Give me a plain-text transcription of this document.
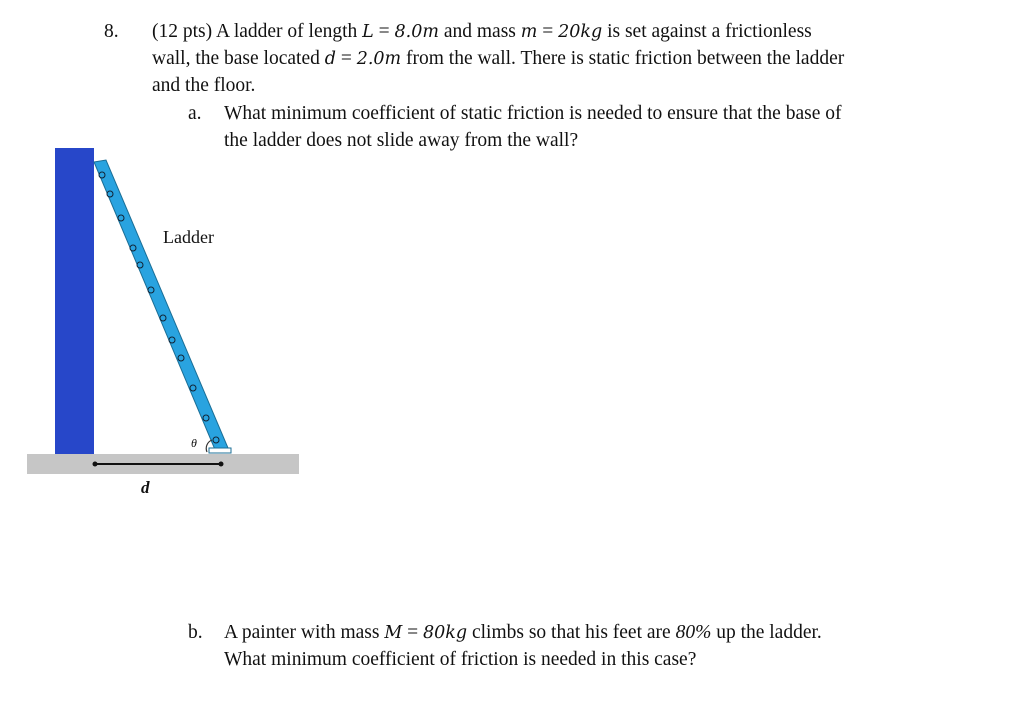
8. (12 pts) A ladder of length L = 8.0m and mass m = 20kg is set against a frictionless
wall, the base located d = 2.0m from the wall. There is static friction between the ladder
and the floor.
a. What minimum coefficient of static friction is needed to ensure that the base of
the ladder does not slide away from the wall?
Ladder
θ
d
b. A painter with mass M = 80kg climbs so that his feet are 80% up the ladder.
What minimum coefficient of friction is needed in this case?
